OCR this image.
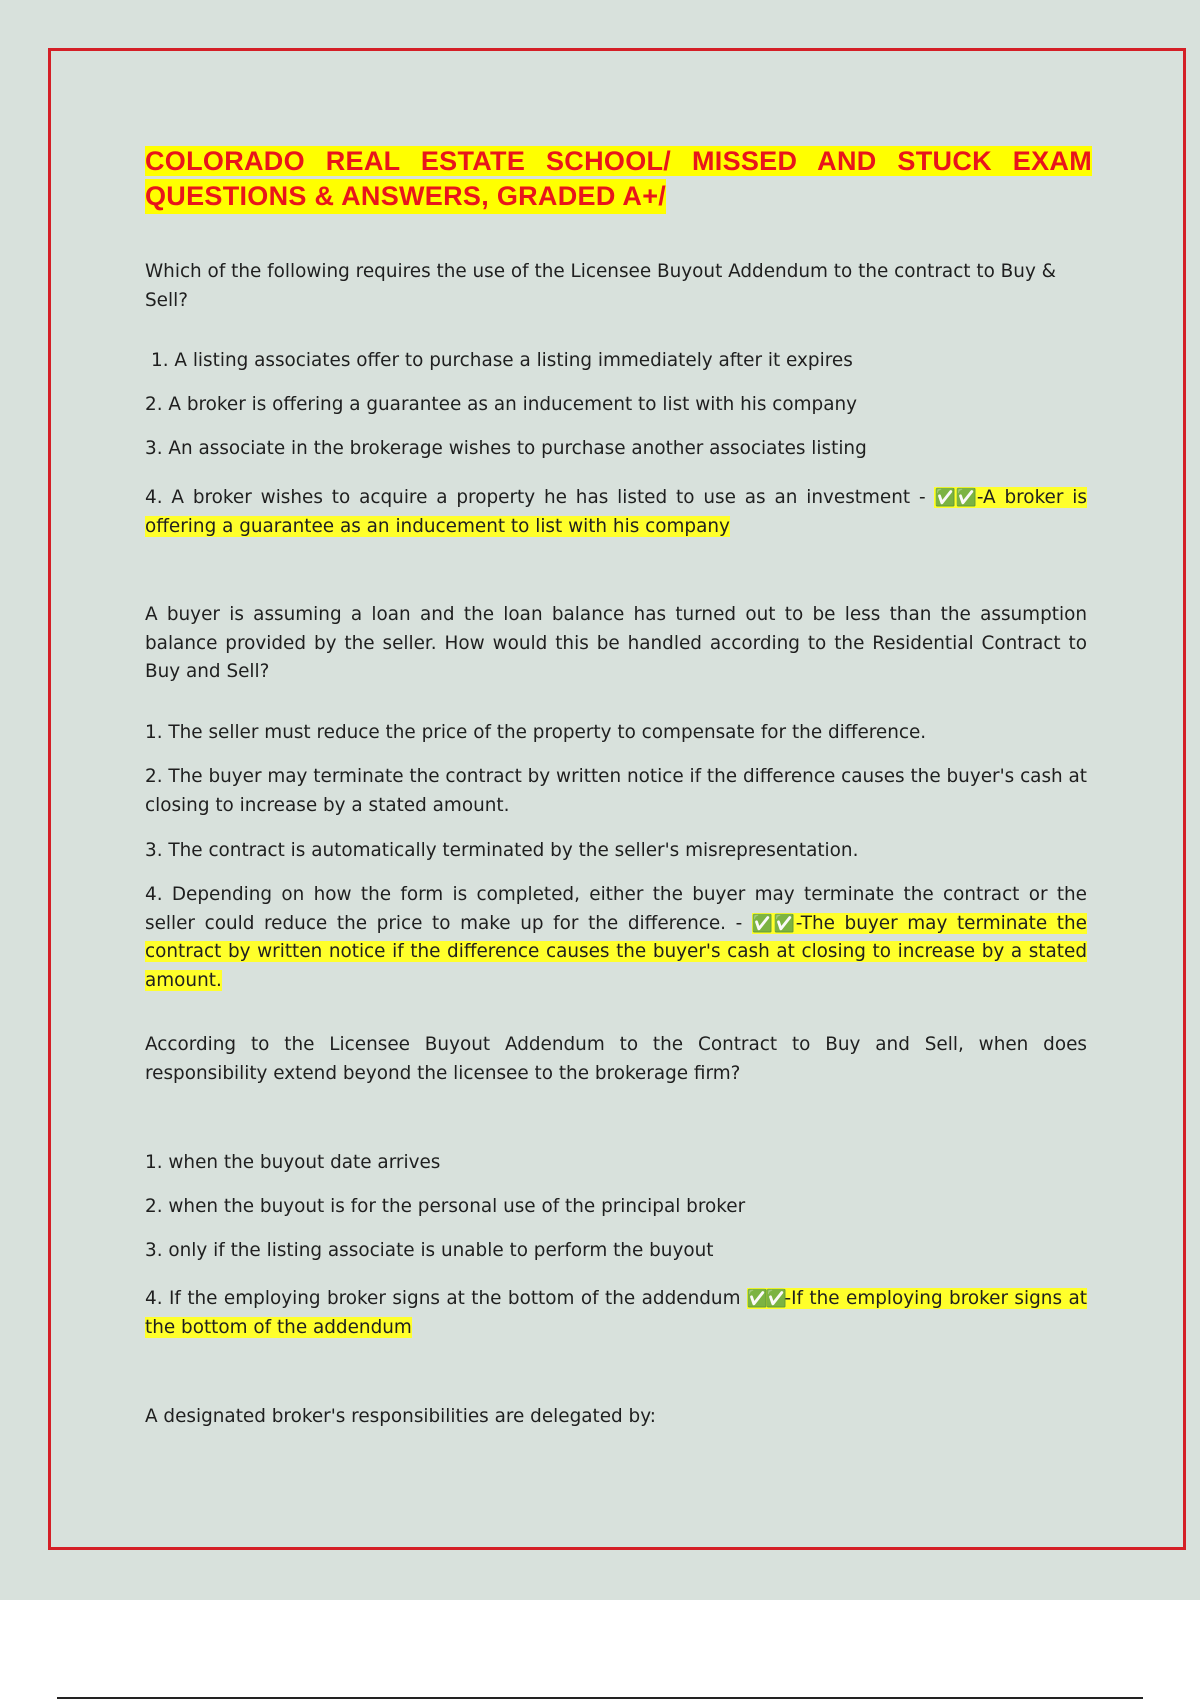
COLORADO REAL ESTATE SCHOOL/ MISSED AND STUCK EXAM
QUESTIONS & ANSWERS, GRADED A+/

Which of the following requires the use of the Licensee Buyout Addendum to the contract to Buy & Sell?

1. A listing associates offer to purchase a listing immediately after it expires
2. A broker is offering a guarantee as an inducement to list with his company
3. An associate in the brokerage wishes to purchase another associates listing
4. A broker wishes to acquire a property he has listed to use as an investment - ✅✅-A broker is offering a guarantee as an inducement to list with his company

A buyer is assuming a loan and the loan balance has turned out to be less than the assumption balance provided by the seller. How would this be handled according to the Residential Contract to Buy and Sell?

1. The seller must reduce the price of the property to compensate for the difference.
2. The buyer may terminate the contract by written notice if the difference causes the buyer's cash at closing to increase by a stated amount.
3. The contract is automatically terminated by the seller's misrepresentation.
4. Depending on how the form is completed, either the buyer may terminate the contract or the seller could reduce the price to make up for the difference. - ✅✅-The buyer may terminate the contract by written notice if the difference causes the buyer's cash at closing to increase by a stated amount.

According to the Licensee Buyout Addendum to the Contract to Buy and Sell, when does responsibility extend beyond the licensee to the brokerage firm?

1. when the buyout date arrives
2. when the buyout is for the personal use of the principal broker
3. only if the listing associate is unable to perform the buyout
4. If the employing broker signs at the bottom of the addendum ✅✅-If the employing broker signs at the bottom of the addendum

A designated broker's responsibilities are delegated by:
